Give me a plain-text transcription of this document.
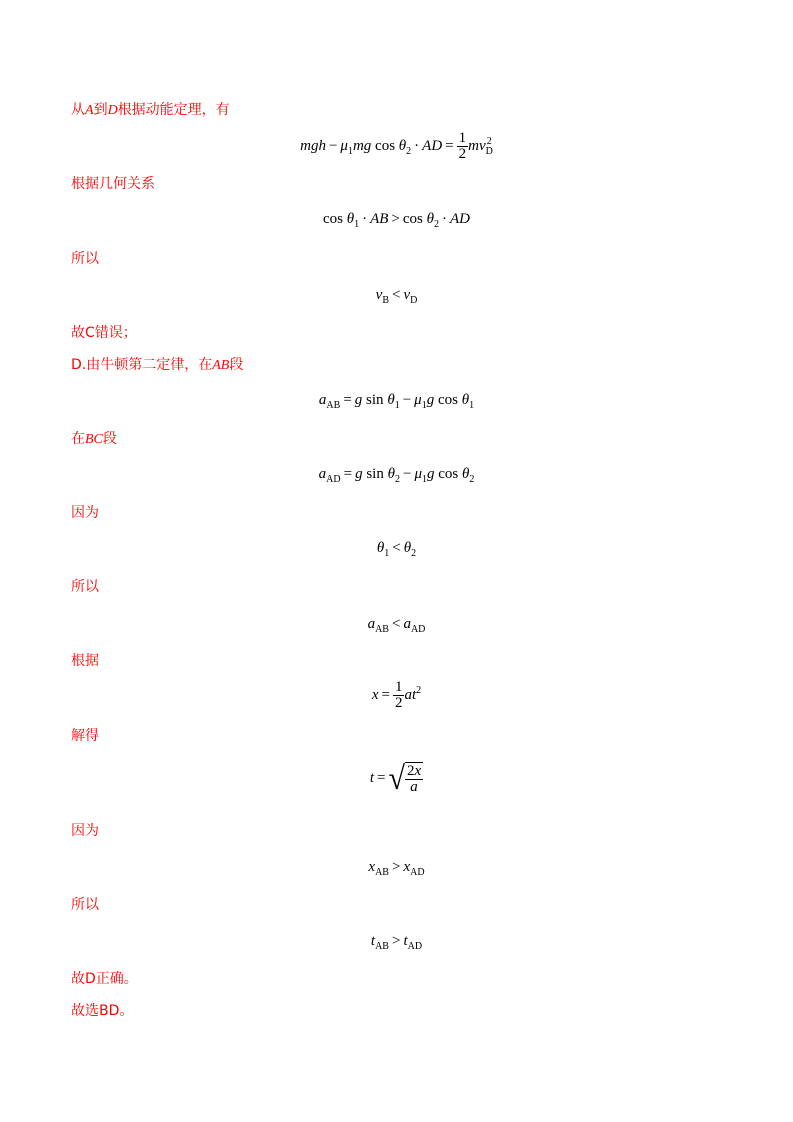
从A到D根据动能定理，有
mgh − $\mu_1mg$ $\cos \theta_2$ · AD = $\frac{1}{2}$ mv 2
D
根据几何关系
$\cos \theta_1$ · AB > $\cos \theta_2$ · AD
所以
$v_B < v_D$
故C错误；
D.由牛顿第二定律，在AB段
$a_{AB} = g$ $\sin \theta_1 - \mu_1g$ $\cos \theta_1$
在BC段
$a_{AD} = g$ $\sin \theta_2 - \mu_1g$ $\cos \theta_2$
因为
$\theta_1 < \theta_2$
所以
$a_{AB} < a_{AD}$
根据
$x = \frac{1}{2} at^2$
解得
t = √ $\frac{2x}{a}$
因为
$x_{AB} > x_{AD}$
所以
$t_{AB} > t_{AD}$
故D正确。
故选BD。
